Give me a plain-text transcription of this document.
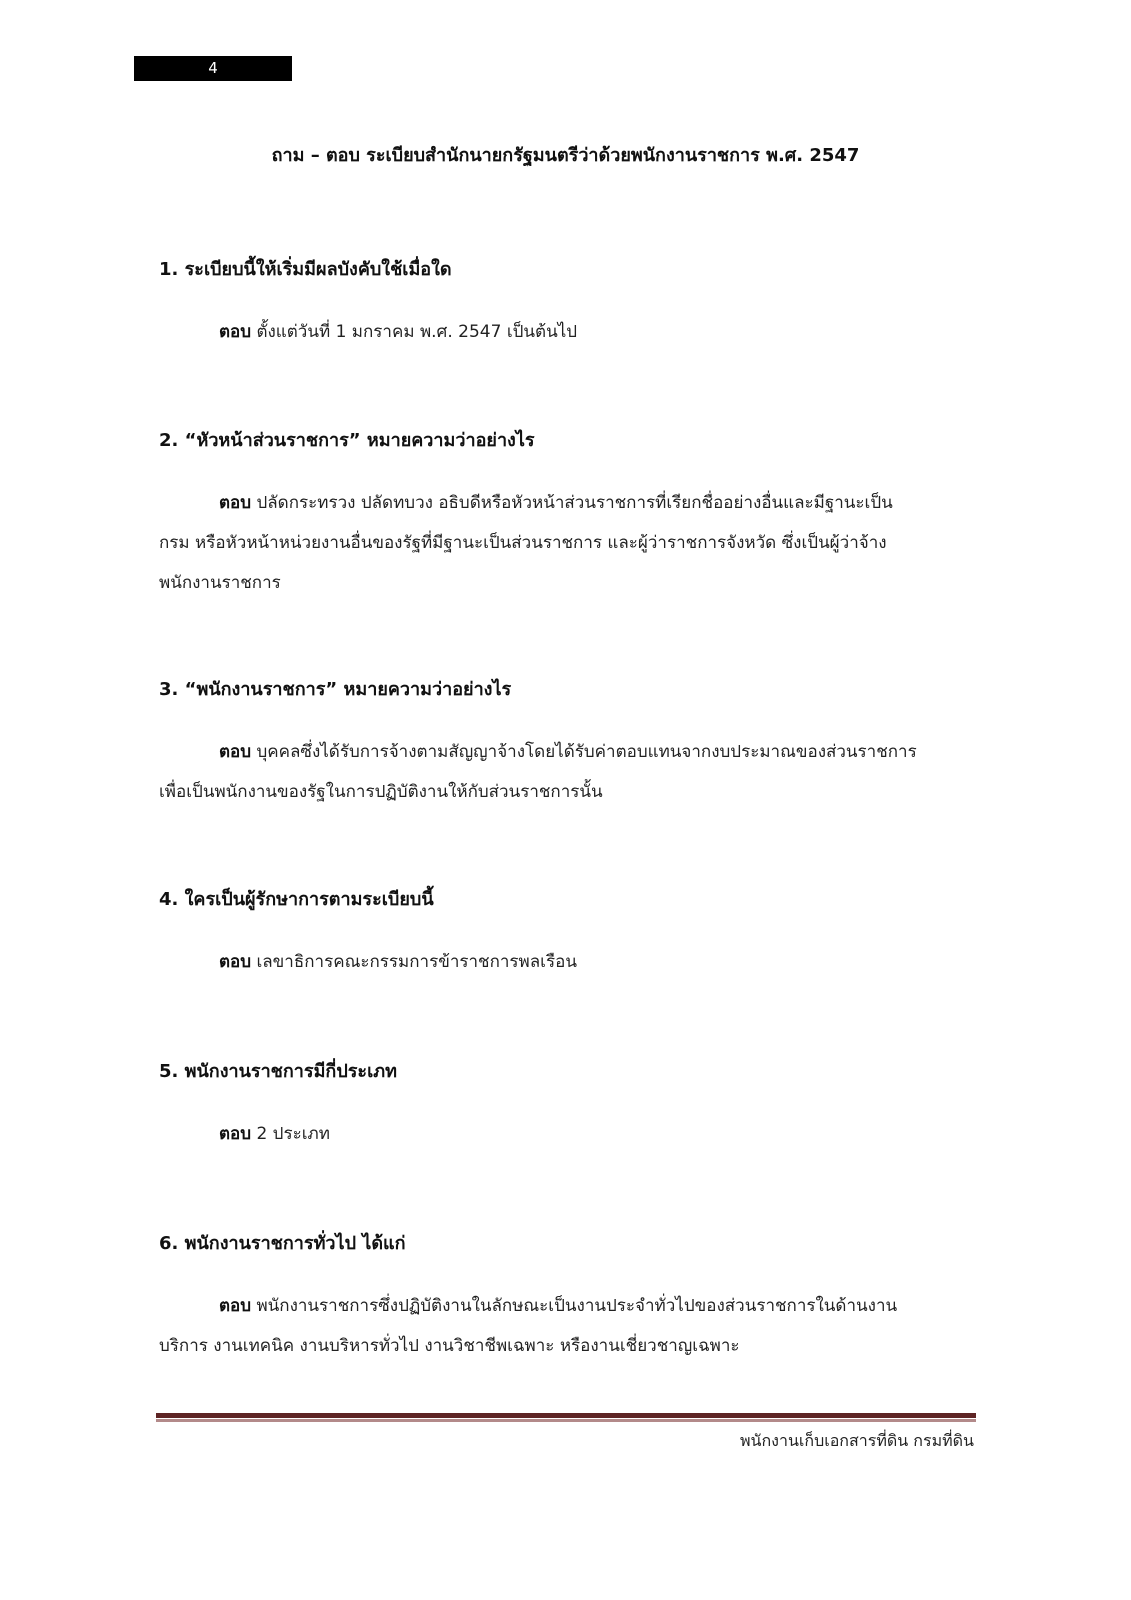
4
ถาม – ตอบ ระเบียบสำนักนายกรัฐมนตรีว่าด้วยพนักงานราชการ พ.ศ. 2547

1. ระเบียบนี้ให้เริ่มมีผลบังคับใช้เมื่อใด

ตอบ ตั้งแต่วันที่ 1 มกราคม พ.ศ. 2547 เป็นต้นไป

2. “หัวหน้าส่วนราชการ” หมายความว่าอย่างไร

ตอบ ปลัดกระทรวง ปลัดทบวง อธิบดีหรือหัวหน้าส่วนราชการที่เรียกชื่ออย่างอื่นและมีฐานะเป็น
กรม หรือหัวหน้าหน่วยงานอื่นของรัฐที่มีฐานะเป็นส่วนราชการ และผู้ว่าราชการจังหวัด ซึ่งเป็นผู้ว่าจ้าง
พนักงานราชการ

3. “พนักงานราชการ” หมายความว่าอย่างไร

ตอบ บุคคลซึ่งได้รับการจ้างตามสัญญาจ้างโดยได้รับค่าตอบแทนจากงบประมาณของส่วนราชการ
เพื่อเป็นพนักงานของรัฐในการปฏิบัติงานให้กับส่วนราชการนั้น

4. ใครเป็นผู้รักษาการตามระเบียบนี้

ตอบ เลขาธิการคณะกรรมการข้าราชการพลเรือน

5. พนักงานราชการมีกี่ประเภท

ตอบ 2 ประเภท

6. พนักงานราชการทั่วไป ได้แก่

ตอบ พนักงานราชการซึ่งปฏิบัติงานในลักษณะเป็นงานประจำทั่วไปของส่วนราชการในด้านงาน
บริการ งานเทคนิค งานบริหารทั่วไป งานวิชาชีพเฉพาะ หรืองานเชี่ยวชาญเฉพาะ
พนักงานเก็บเอกสารที่ดิน กรมที่ดิน
